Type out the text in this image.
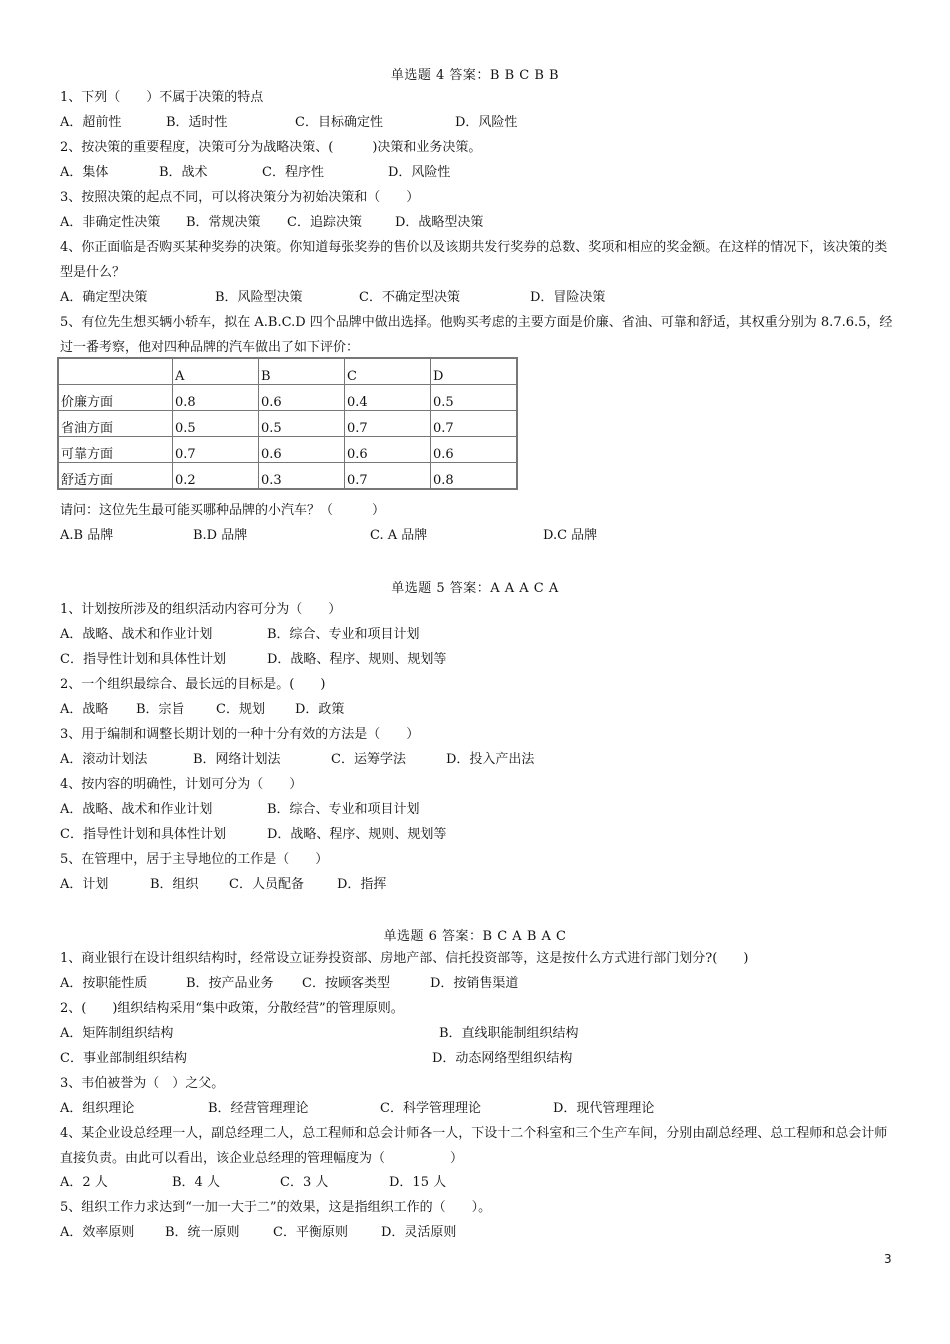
单选题 4 答案：B B C B B
1、下列（　　）不属于决策的特点
A．超前性	B．适时性	C．目标确定性	D．风险性
2、按决策的重要程度，决策可分为战略决策、(　　　)决策和业务决策。
A．集体	B．战术	C．程序性	D．风险性
3、按照决策的起点不同，可以将决策分为初始决策和（　　）
A．非确定性决策 B．常规决策 C．追踪决策	D．战略型决策
4、你正面临是否购买某种奖券的决策。你知道每张奖券的售价以及该期共发行奖券的总数、奖项和相应的奖金额。在这样的情况下，该决策的类型是什么？
A．确定型决策	B．风险型决策	C．不确定型决策	D．冒险决策
5、有位先生想买辆小轿车，拟在 A.B.C.D 四个品牌中做出选择。他购买考虑的主要方面是价廉、省油、可靠和舒适，其权重分别为 8.7.6.5，经过一番考察，他对四种品牌的汽车做出了如下评价：
	A	B	C	D
价廉方面	0.8	0.6	0.4	0.5
省油方面	0.5	0.5	0.7	0.7
可靠方面	0.7	0.6	0.6	0.6
舒适方面	0.2	0.3	0.7	0.8
请问：这位先生最可能买哪种品牌的小汽车？（　　　）
A.B 品牌	B.D 品牌	C. A 品牌	D.C 品牌
单选题 5 答案：A A A C A
1、计划按所涉及的组织活动内容可分为（　　）
A．战略、战术和作业计划	B．综合、专业和项目计划
C．指导性计划和具体性计划	D．战略、程序、规则、规划等
2、一个组织最综合、最长远的目标是。(　　)
A．战略 B．宗旨 C．规划 D．政策
3、用于编制和调整长期计划的一种十分有效的方法是（　　）
A．滚动计划法	B．网络计划法	C．运筹学法	D．投入产出法
4、按内容的明确性，计划可分为（　　）
A．战略、战术和作业计划	B．综合、专业和项目计划
C．指导性计划和具体性计划	D．战略、程序、规则、规划等
5、在管理中，居于主导地位的工作是（　　）
A．计划	B．组织 C．人员配备	D．指挥
单选题 6 答案：B C A B A C
1、商业银行在设计组织结构时，经常设立证券投资部、房地产部、信托投资部等，这是按什么方式进行部门划分?(　　)
A．按职能性质	B．按产品业务 C．按顾客类型	D．按销售渠道
2、(　　)组织结构采用“集中政策，分散经营”的管理原则。
A．矩阵制组织结构	B．直线职能制组织结构
C．事业部制组织结构	D．动态网络型组织结构
3、韦伯被誉为（　）之父。
A．组织理论	B．经营管理理论	C．科学管理理论	D．现代管理理论
4、某企业设总经理一人，副总经理二人，总工程师和总会计师各一人，下设十二个科室和三个生产车间，分别由副总经理、总工程师和总会计师直接负责。由此可以看出，该企业总经理的管理幅度为（　　　　　）
A．2 人	B．4 人	C．3 人	D．15 人
5、组织工作力求达到“一加一大于二”的效果，这是指组织工作的（　　）。
A．效率原则 B．统一原则	C．平衡原则	D．灵活原则
3
